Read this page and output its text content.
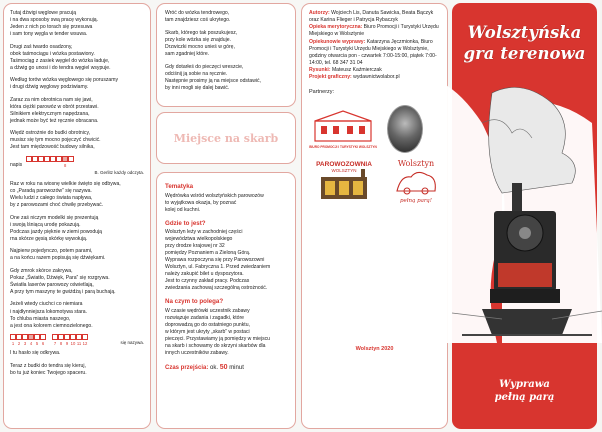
Tutaj dźwigi węglowe pracują
i na dwa sposoby swą pracę wykonują.
Jeden z nich po torach się przesuwa
i sam tony węgla w tender wsuwa.
Drugi zaś twardo osadzony,
obok taśmociągu i wózka postawiony.
Taśmociąg z zasiek węgiel do wózka ładuje,
a dźwig go unosi i do tendra węgiel wsypuje.
Według torów wózka węglowego się poruszamy
i drugi dźwig węglowy podziwiamy.
Zaraz za nim obrotnica nam się jawi,
która ciężki parowóz w obrót przestawi.
Silnikiem elektrycznym napędzana,
jednak może być też ręcznie obracana.
Więdź ostrożnie do budki obrotnicy,
musisz się tym mocno pojęczyć chwicić.
Jest tam międzowość budowy silnika,
napis	8
B. Gerlitz każdy odczyta.
Raz w roku na wiosnę wielkie święto się odbywa,
co „Paradą parowozów” się nazywa.
Wielu ludzi z całego świata napływa,
by z parowozami choć chwilę przebywać.
One zaś niczym modelki się prezentują
i swoją lśniącą urodę pokazują.
Podczas jazdy pięknie w ziemi powodują
rna skórze gęsią skórkę wywołują.
Najpierw pojedynczo, potem parami,
a na końcu razem popisują się dźwiękami.
Gdy zmrok skórce zakrywa,
Pokaz „Światło, Dźwięk, Para” się rozgrywa.
Światła laserów parowozy oświetlają,
A przy tym maszyny te gwiżdżą i parą buchają.
Jeżeli wtedy ciuchci co niemiara
i najdłynniejsza lokomotywa stara.
To chluba miasta naszego,
a jest ona kolorem ciemnozielonego.
1 2 3 4 5 6	7 8 9 10 11 12	się nazywa.
I tu hasło się odkrywa.
Teraz z budki do tendra się kieruj,
bo tu już koniec Twojego spaceru.
Wróć do wózka tendrowego,
tam znajdziesz coś ukrytego.
Skarb, którego tak poszukujesz,
przy kole wózka się znajduje.
Drzwiczki mocno unieś w górę,
sam zgadniej które.
Gdy dotarłeś do pieczęci wreszcie,
odciśnij ją sobie na ręcznie.
Następnie prosimy ją na miejsce odstawić,
by inni mogli się dalej bawić.
Miejsce na skarb
Tematyka
Wędrówka wśród wolsztyńskich parowozów
to wyjątkowa okazja, by poznać
kolej od kuchni.
Gdzie to jest?
Wolsztyn leży w zachodniej części
województwa wielkopolskiego
przy drodze krajowej nr 32
pomiędzy Poznaniem a Zieloną Górą.
Wyprawa rozpoczyna się przy Parowozowni
Wolsztyn, ul. Fabryczna 1. Przed zwiedzaniem
należy zakupić bilet u dyspozytora.
Jest to czynny zakład pracy. Podczas
zwiedzania zachowaj szczególną ostrożność.
Na czym to polega?
W czasie wędrówki uczestnik zabawy
rozwiązuje zadania i zagadki, które
doprowadzą go do ostatniego punktu,
w którym jest ukryty „skarb” w postaci
pieczęci. Przystawiamy ją pomiędzy w miejscu
na skarb i schowamy do skrzyni skarbów dla
innych uczestników zabawy.
Czas przejścia: ok. 50 minut
Autorzy: Wojciech Lis, Danuta Sawicka, Beata Bączyk oraz Karina Flieger i Patrycja Rybaczyk
Opieka merytoryczna: Biuro Promocji i Turystyki Urzędu Miejskiego w Wolsztynie
Opiekunowie wyprawy: Katarzyna Jęczmionka, Biuro Promocji i Turystyki Urzędu Miejskiego w Wolsztynie, godziny otwarcia pon - czwartek 7:00-15:00, piątek 7:00-14:00, tel. 68 347 31 04
Rysunki: Mateusz Kaźmierczak
Projekt graficzny: wydawnictwolabor.pl
Partnerzy:
BIURO PROMOCJI I TURYSTYKI WOLSZTYN
PAROWOZOWNIA
WOLSZTYN
Wolsztyn
pełną parą!
Wolsztyn 2020
Wolsztyńska
gra terenowa
Wyprawa
pełną parą
